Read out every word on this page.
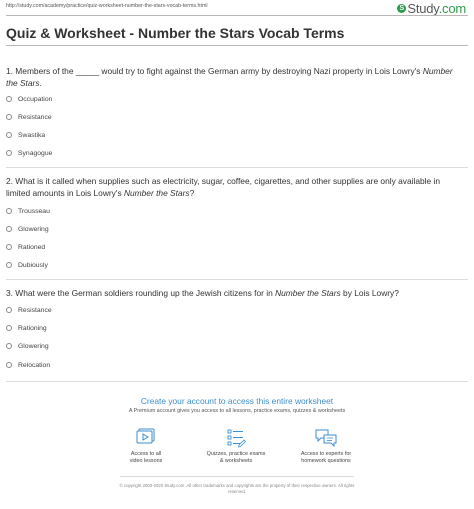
http://study.com/academy/practice/quiz-worksheet-number-the-stars-vocab-terms.html	S Study.com
Quiz & Worksheet - Number the Stars Vocab Terms
1. Members of the _____ would try to fight against the German army by destroying Nazi property in Lois Lowry's Number the Stars.
Occupation
Resistance
Swastika
Synagogue
2. What is it called when supplies such as electricity, sugar, coffee, cigarettes, and other supplies are only available in limited amounts in Lois Lowry's Number the Stars?
Trousseau
Glowering
Rationed
Dubiously
3. What were the German soldiers rounding up the Jewish citizens for in Number the Stars by Lois Lowry?
Resistance
Rationing
Glowering
Relocation
Create your account to access this entire worksheet
A Premium account gives you access to all lessons, practice exams, quizzes & worksheets
Access to all
video lessons
Quizzes, practice exams
& worksheets
Access to experts for
homework questions
© copyright 2003-2020 Study.com. All other trademarks and copyrights are the property of their respective owners. All rights
reserved.
